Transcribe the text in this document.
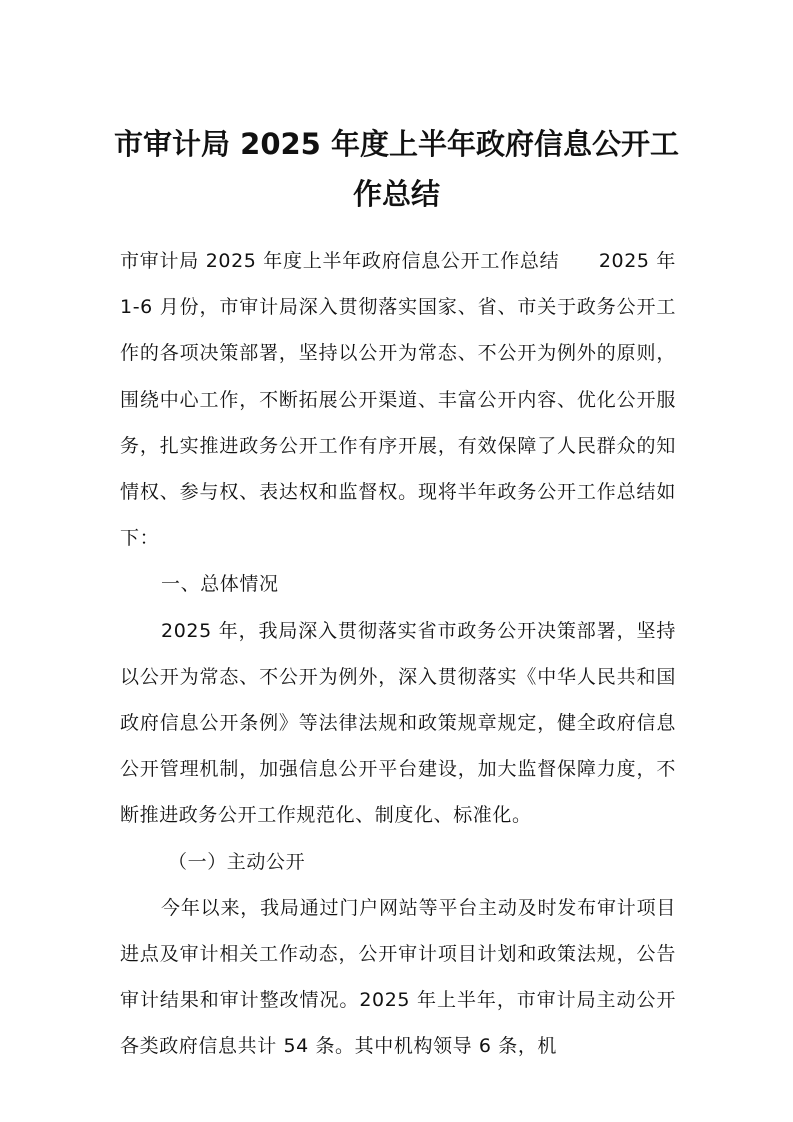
市审计局 2025 年度上半年政府信息公开工
作总结

市审计局 2025 年度上半年政府信息公开工作总结　　2025 年 1-6 月份，市审计局深入贯彻落实国家、省、市关于政务公开工作的各项决策部署，坚持以公开为常态、不公开为例外的原则，围绕中心工作，不断拓展公开渠道、丰富公开内容、优化公开服务，扎实推进政务公开工作有序开展，有效保障了人民群众的知情权、参与权、表达权和监督权。现将半年政务公开工作总结如下：

一、总体情况

2025 年，我局深入贯彻落实省市政务公开决策部署，坚持以公开为常态、不公开为例外，深入贯彻落实《中华人民共和国政府信息公开条例》等法律法规和政策规章规定，健全政府信息公开管理机制，加强信息公开平台建设，加大监督保障力度，不断推进政务公开工作规范化、制度化、标准化。

（一）主动公开

今年以来，我局通过门户网站等平台主动及时发布审计项目进点及审计相关工作动态，公开审计项目计划和政策法规，公告审计结果和审计整改情况。2025 年上半年，市审计局主动公开各类政府信息共计 54 条。其中机构领导 6 条，机
